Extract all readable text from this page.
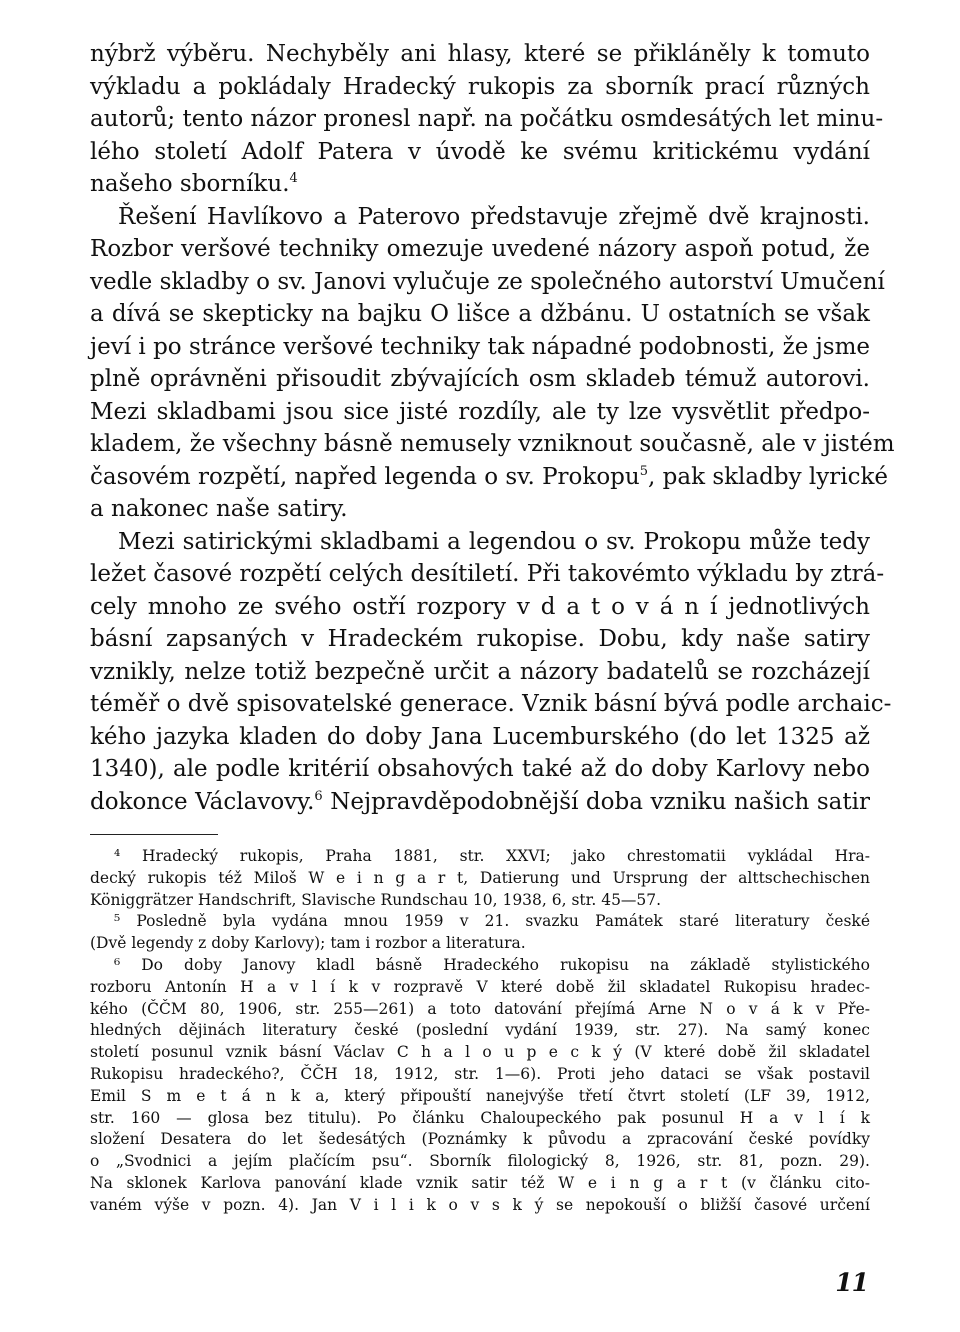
nýbrž výběru. Nechyběly ani hlasy, které se přikláněly k tomuto
výkladu a pokládaly Hradecký rukopis za sborník prací různých
autorů; tento názor pronesl např. na počátku osmdesátých let minu-
lého století Adolf Patera v úvodě ke svému kritickému vydání
našeho sborníku.$^4$
Řešení Havlíkovo a Paterovo představuje zřejmě dvě krajnosti.
Rozbor veršové techniky omezuje uvedené názory aspoň potud, že
vedle skladby o sv. Janovi vylučuje ze společného autorství Umučení
a dívá se skepticky na bajku O lišce a džbánu. U ostatních se však
jeví i po stránce veršové techniky tak nápadné podobnosti, že jsme
plně oprávněni přisoudit zbývajících osm skladeb témuž autorovi.
Mezi skladbami jsou sice jisté rozdíly, ale ty lze vysvětlit předpo-
kladem, že všechny básně nemusely vzniknout současně, ale v jistém
časovém rozpětí, napřed legenda o sv. Prokopu$^5$, pak skladby lyrické
a nakonec naše satiry.
Mezi satirickými skladbami a legendou o sv. Prokopu může tedy
ležet časové rozpětí celých desítiletí. Při takovémto výkladu by ztrá-
cely mnoho ze svého ostří rozpory v d a t o v á n í jednotlivých
básní zapsaných v Hradeckém rukopise. Dobu, kdy naše satiry
vznikly, nelze totiž bezpečně určit a názory badatelů se rozcházejí
téměř o dvě spisovatelské generace. Vznik básní bývá podle archaic-
kého jazyka kladen do doby Jana Lucemburského (do let 1325 až
1340), ale podle kritérií obsahových také až do doby Karlovy nebo
dokonce Václavovy.$^6$ Nejpravděpodobnější doba vzniku našich satir
⁴ Hradecký rukopis, Praha 1881, str. XXVI; jako chrestomatii vykládal Hra-
decký rukopis též Miloš W e i n g a r t, Datierung und Ursprung der alttschechischen
Königgrätzer Handschrift, Slavische Rundschau 10, 1938, 6, str. 45—57.
⁵ Posledně byla vydána mnou 1959 v 21. svazku Památek staré literatury české
(Dvě legendy z doby Karlovy); tam i rozbor a literatura.
⁶ Do doby Janovy kladl básně Hradeckého rukopisu na základě stylistického
rozboru Antonín H a v l í k v rozpravě V které době žil skladatel Rukopisu hradec-
kého (ČČM 80, 1906, str. 255—261) a toto datování přejímá Arne N o v á k v Pře-
hledných dějinách literatury české (poslední vydání 1939, str. 27). Na samý konec
století posunul vznik básní Václav C h a l o u p e c k ý (V které době žil skladatel
Rukopisu hradeckého?, ČČH 18, 1912, str. 1—6). Proti jeho dataci se však postavil
Emil S m e t á n k a, který připouští nanejvýše třetí čtvrt století (LF 39, 1912,
str. 160 — glosa bez titulu). Po článku Chaloupeckého pak posunul H a v l í k
složení Desatera do let šedesátých (Poznámky k původu a zpracování české povídky
o „Svodnici a jejím plačícím psu“. Sborník filologický 8, 1926, str. 81, pozn. 29).
Na sklonek Karlova panování klade vznik satir též W e i n g a r t (v článku cito-
vaném výše v pozn. 4). Jan V i l i k o v s k ý se nepokouší o bližší časové určení
11
